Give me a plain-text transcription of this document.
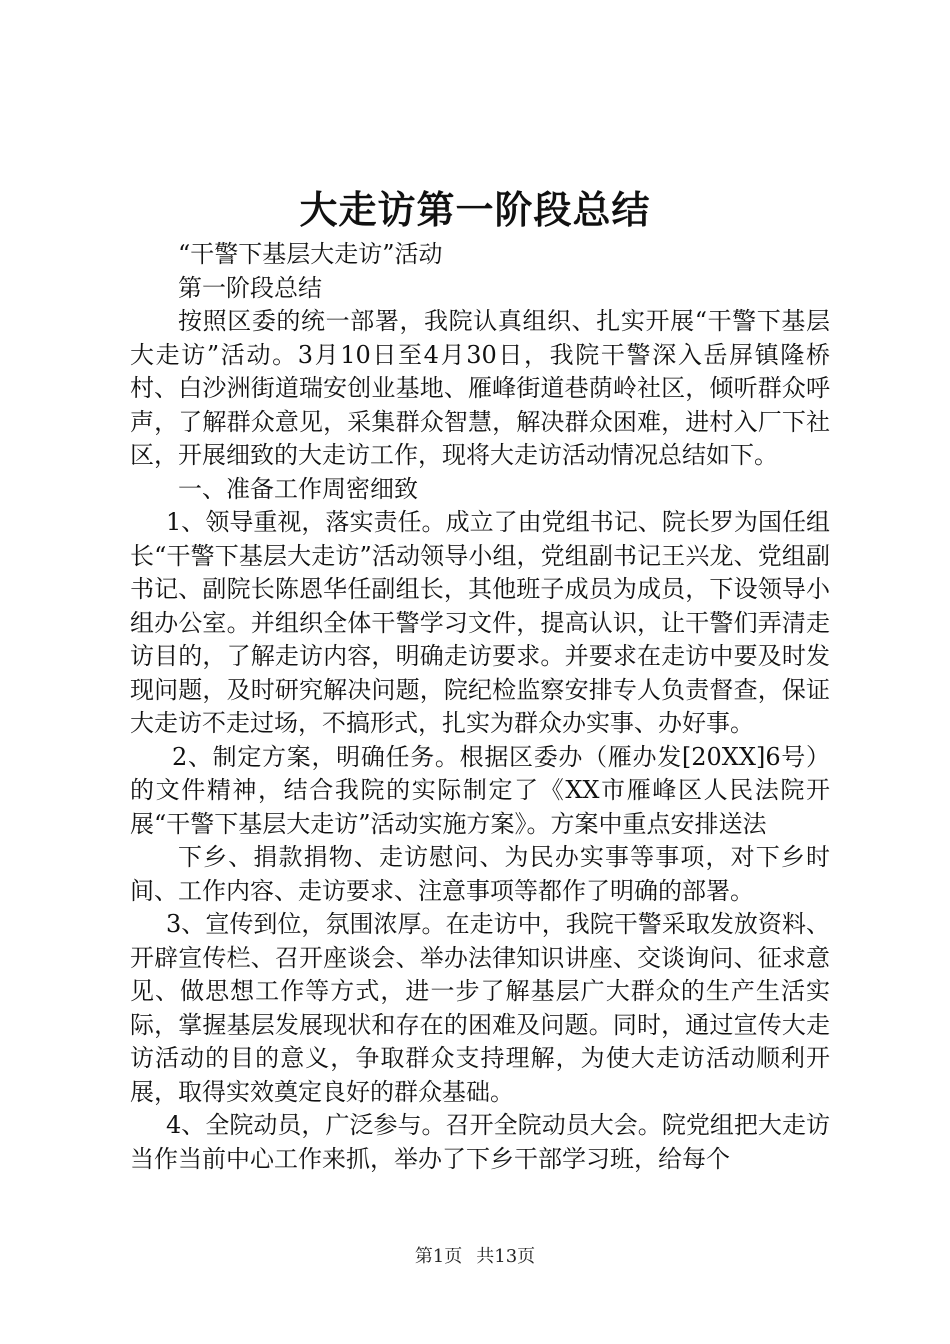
大走访第一阶段总结

“干警下基层大走访”活动

第一阶段总结

按照区委的统一部署，我院认真组织、扎实开展“干警下基层大走访”活动。3月10日至4月30日，我院干警深入岳屏镇隆桥村、白沙洲街道瑞安创业基地、雁峰街道巷荫岭社区，倾听群众呼声，了解群众意见，采集群众智慧，解决群众困难，进村入厂下社区，开展细致的大走访工作，现将大走访活动情况总结如下。

一、准备工作周密细致

1、领导重视，落实责任。成立了由党组书记、院长罗为国任组长“干警下基层大走访”活动领导小组，党组副书记王兴龙、党组副书记、副院长陈恩华任副组长，其他班子成员为成员，下设领导小组办公室。并组织全体干警学习文件，提高认识，让干警们弄清走访目的，了解走访内容，明确走访要求。并要求在走访中要及时发现问题，及时研究解决问题，院纪检监察安排专人负责督查，保证大走访不走过场，不搞形式，扎实为群众办实事、办好事。

2、制定方案，明确任务。根据区委办（雁办发[20XX]6号）的文件精神，结合我院的实际制定了《XX市雁峰区人民法院开展“干警下基层大走访”活动实施方案》。方案中重点安排送法

下乡、捐款捐物、走访慰问、为民办实事等事项，对下乡时间、工作内容、走访要求、注意事项等都作了明确的部署。

3、宣传到位，氛围浓厚。在走访中，我院干警采取发放资料、开辟宣传栏、召开座谈会、举办法律知识讲座、交谈询问、征求意见、做思想工作等方式，进一步了解基层广大群众的生产生活实际，掌握基层发展现状和存在的困难及问题。同时，通过宣传大走访活动的目的意义，争取群众支持理解，为使大走访活动顺利开展，取得实效奠定良好的群众基础。

4、全院动员，广泛参与。召开全院动员大会。院党组把大走访当作当前中心工作来抓，举办了下乡干部学习班，给每个

第1页 共13页
